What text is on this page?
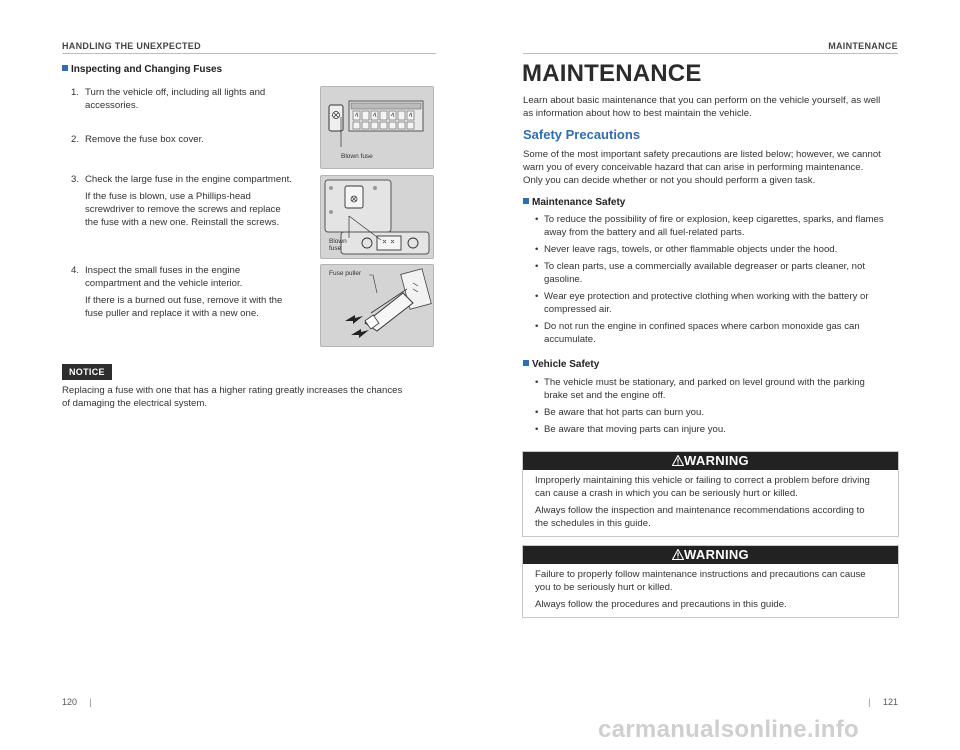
HANDLING THE UNEXPECTED
Inspecting and Changing Fuses
1. Turn the vehicle off, including all lights and
accessories.
2. Remove the fuse box cover.
3. Check the large fuse in the engine compartment.
If the fuse is blown, use a Phillips-head
screwdriver to remove the screws and replace
the fuse with a new one. Reinstall the screws.
4. Inspect the small fuses in the engine
compartment and the vehicle interior.
If there is a burned out fuse, remove it with the
fuse puller and replace it with a new one.
Blown fuse
Blown
fuse
Fuse puller
NOTICE
Replacing a fuse with one that has a higher rating greatly increases the chances
of damaging the electrical system.
120 |
MAINTENANCE
MAINTENANCE
Learn about basic maintenance that you can perform on the vehicle yourself, as well
as information about how to best maintain the vehicle.
Safety Precautions
Some of the most important safety precautions are listed below; however, we cannot
warn you of every conceivable hazard that can arise in performing maintenance.
Only you can decide whether or not you should perform a given task.
Maintenance Safety
• To reduce the possibility of fire or explosion, keep cigarettes, sparks, and flames
away from the battery and all fuel-related parts.
• Never leave rags, towels, or other flammable objects under the hood.
• To clean parts, use a commercially available degreaser or parts cleaner, not
gasoline.
• Wear eye protection and protective clothing when working with the battery or
compressed air.
• Do not run the engine in confined spaces where carbon monoxide gas can
accumulate.
Vehicle Safety
• The vehicle must be stationary, and parked on level ground with the parking
brake set and the engine off.
• Be aware that hot parts can burn you.
• Be aware that moving parts can injure you.
WARNING

Improperly maintaining this vehicle or failing to correct a problem before driving
can cause a crash in which you can be seriously hurt or killed.

Always follow the inspection and maintenance recommendations according to
the schedules in this guide.

WARNING

Failure to properly follow maintenance instructions and precautions can cause
you to be seriously hurt or killed.

Always follow the procedures and precautions in this guide.

| 121
carmanualsonline.info
